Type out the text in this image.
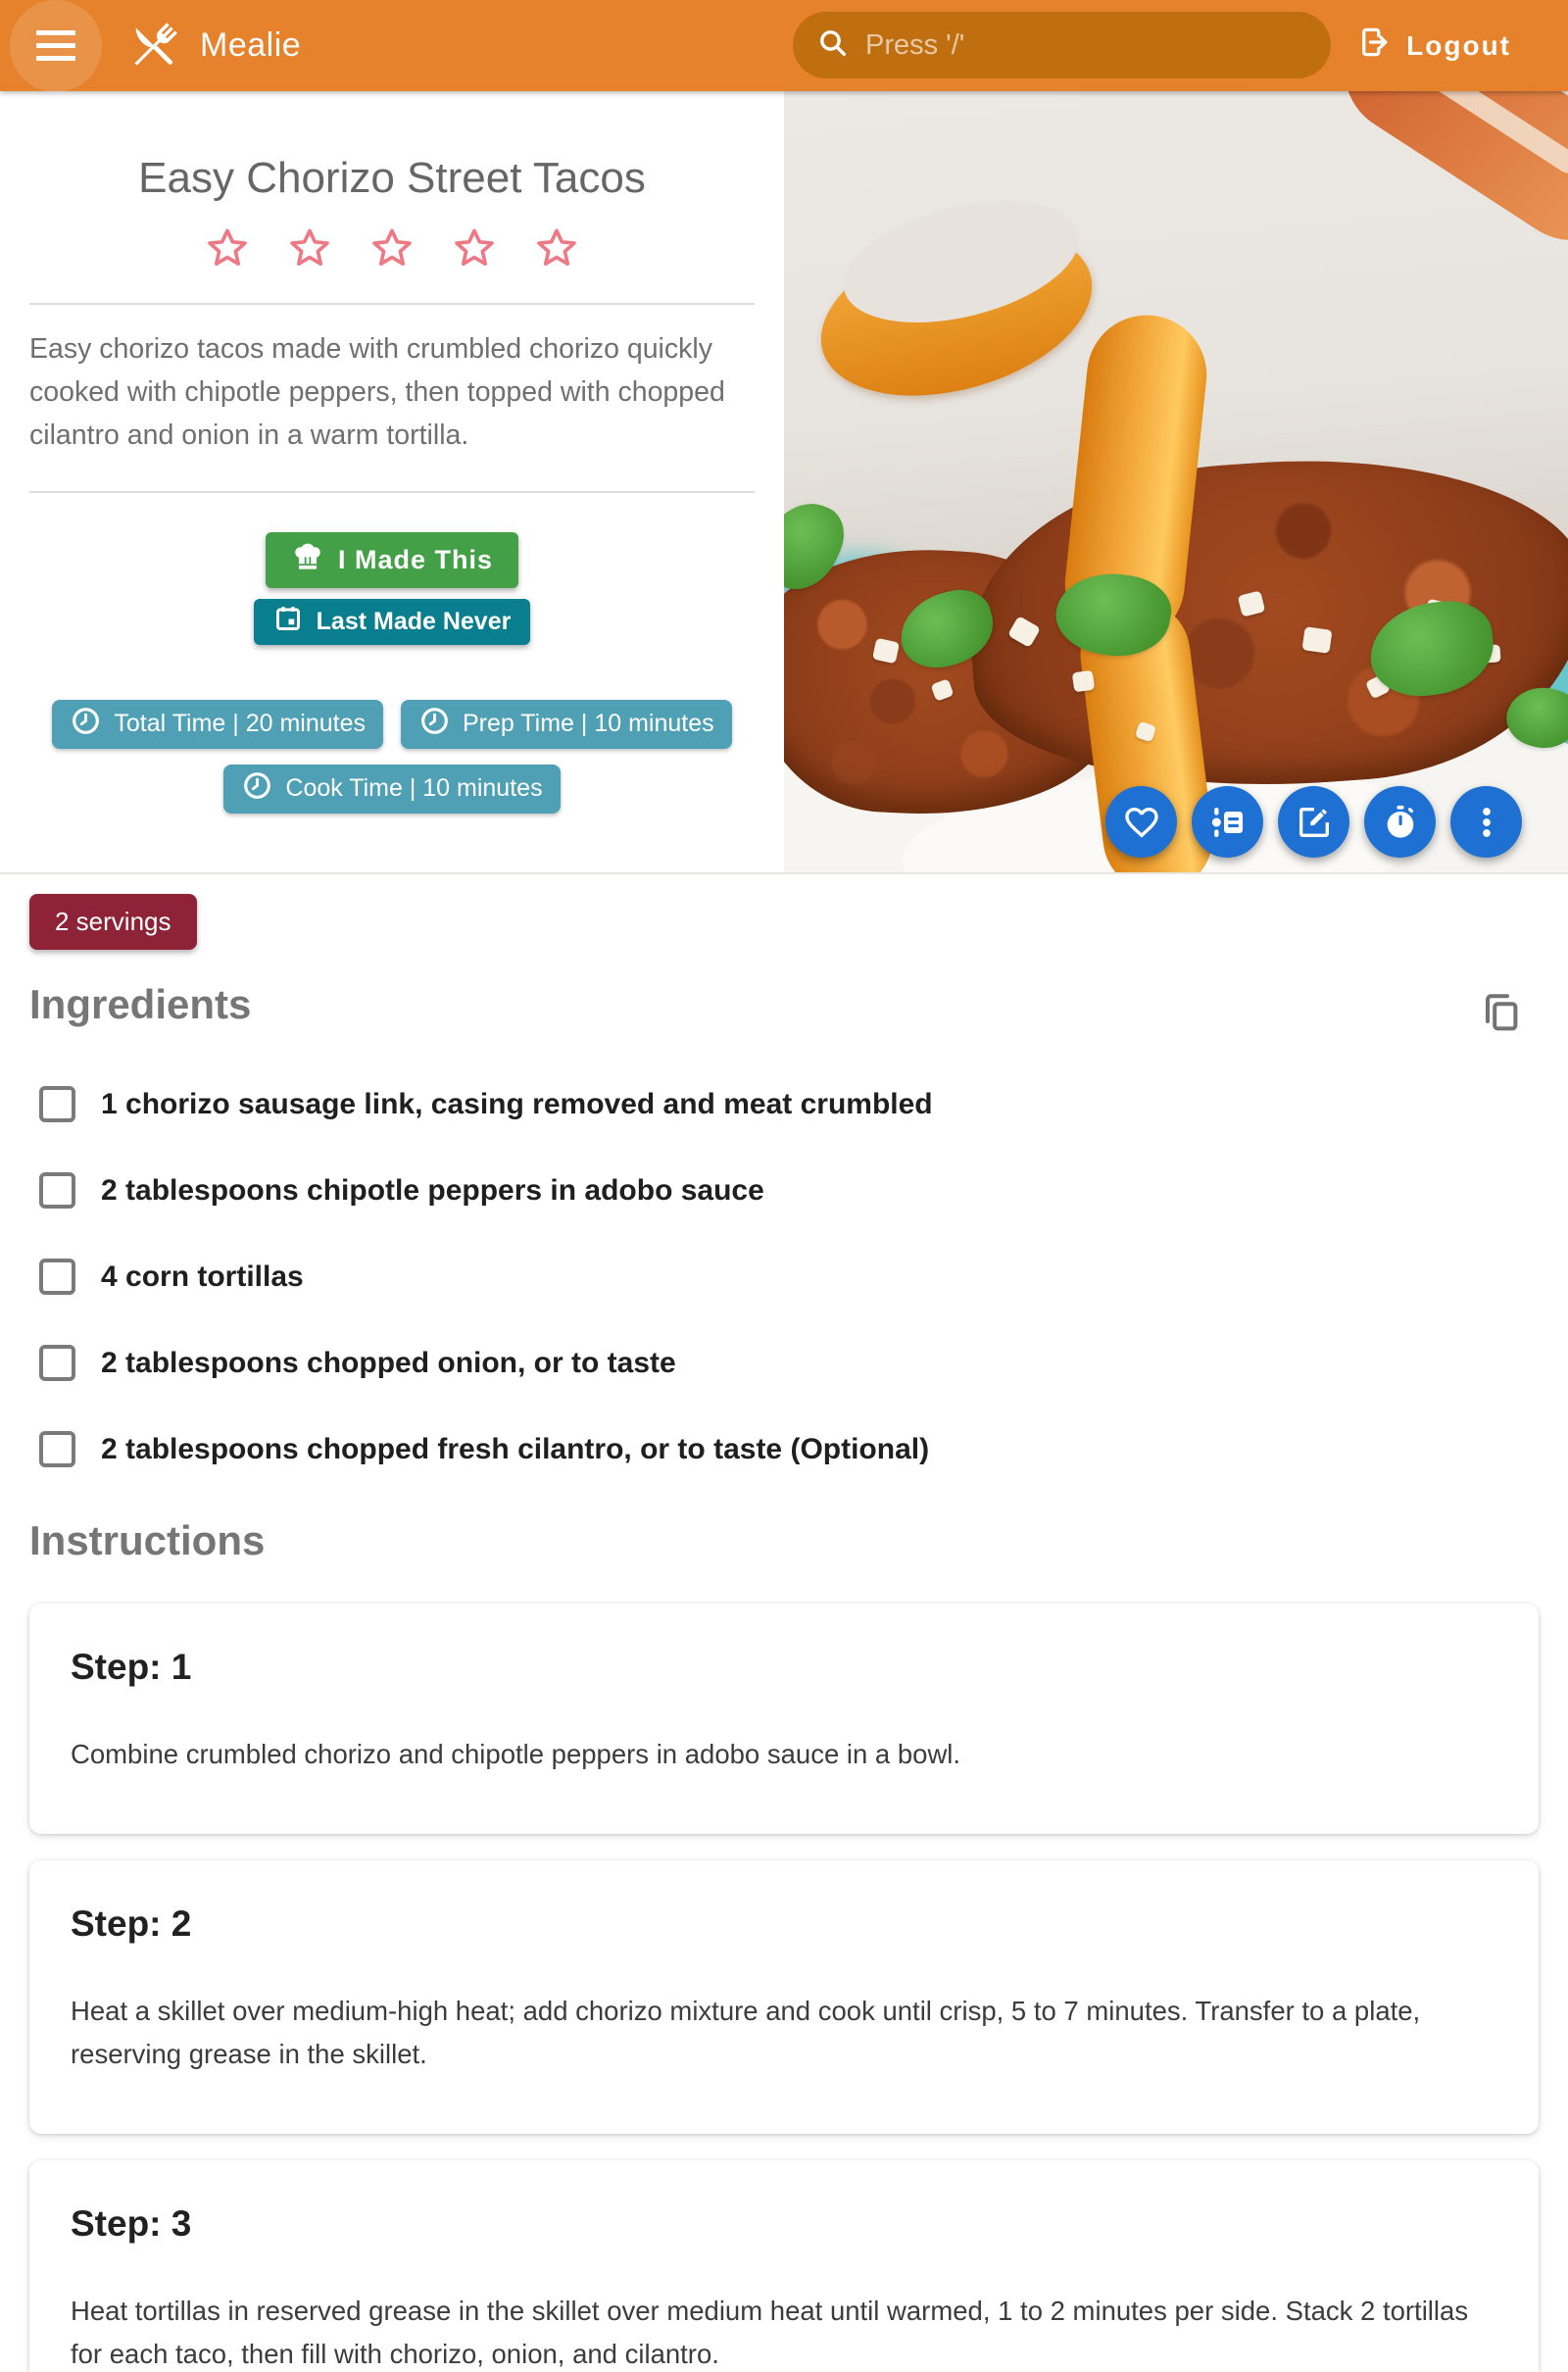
Mealie	Press '/'	Logout
Easy Chorizo Street Tacos

Easy chorizo tacos made with crumbled chorizo quickly cooked with chipotle peppers, then topped with chopped cilantro and onion in a warm tortilla.

I Made This
Last Made Never
Total Time | 20 minutes	Prep Time | 10 minutes
Cook Time | 10 minutes
2 servings
Ingredients
1 chorizo sausage link, casing removed and meat crumbled
2 tablespoons chipotle peppers in adobo sauce
4 corn tortillas
2 tablespoons chopped onion, or to taste
2 tablespoons chopped fresh cilantro, or to taste (Optional)
Instructions
Step: 1

Combine crumbled chorizo and chipotle peppers in adobo sauce in a bowl.

Step: 2

Heat a skillet over medium-high heat; add chorizo mixture and cook until crisp, 5 to 7 minutes. Transfer to a plate, reserving grease in the skillet.

Step: 3

Heat tortillas in reserved grease in the skillet over medium heat until warmed, 1 to 2 minutes per side. Stack 2 tortillas for each taco, then fill with chorizo, onion, and cilantro.
